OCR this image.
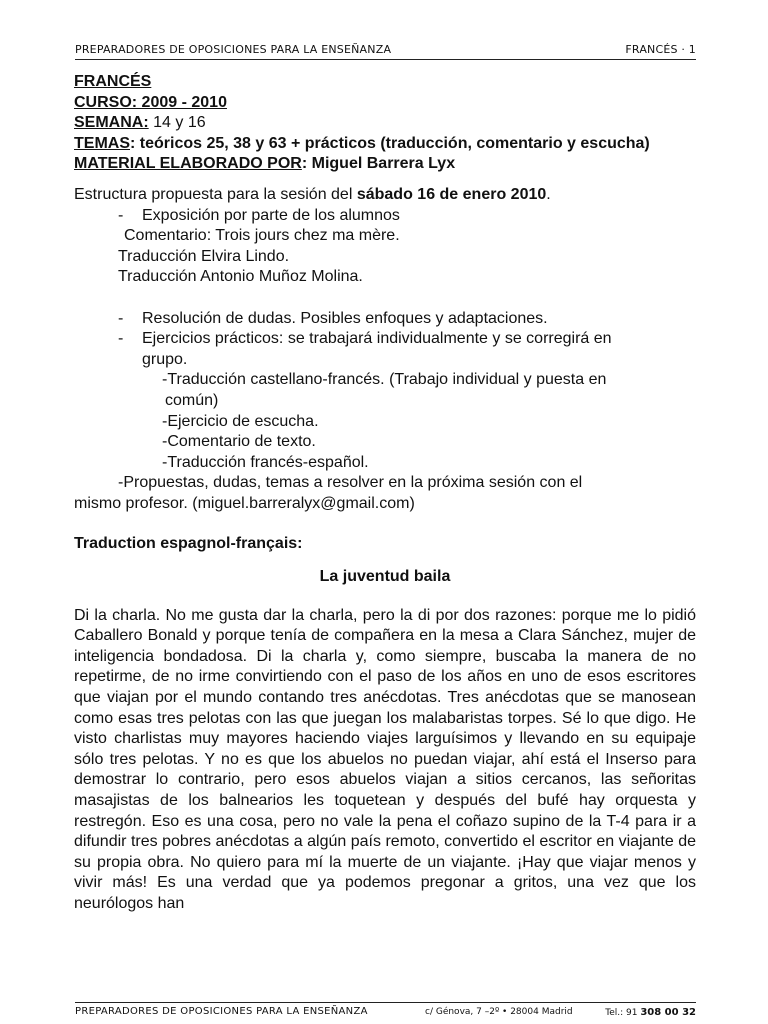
PREPARADORES DE OPOSICIONES PARA LA ENSEÑANZA	FRANCÉS · 1
FRANCÉS
CURSO: 2009 - 2010
SEMANA: 14 y 16
TEMAS: teóricos 25, 38 y 63 + prácticos (traducción, comentario y escucha)
MATERIAL ELABORADO POR: Miguel Barrera Lyx
Estructura propuesta para la sesión del sábado 16 de enero 2010.
- Exposición por parte de los alumnos
Comentario: Trois jours chez ma mère.
Traducción Elvira Lindo.
Traducción Antonio Muñoz Molina.
- Resolución de dudas. Posibles enfoques y adaptaciones.
- Ejercicios prácticos: se trabajará individualmente y se corregirá en
grupo.
-Traducción castellano-francés. (Trabajo individual y puesta en
común)
-Ejercicio de escucha.
-Comentario de texto.
-Traducción francés-español.
-Propuestas, dudas, temas a resolver en la próxima sesión con el
mismo profesor. (miguel.barreralyx@gmail.com)
Traduction espagnol-français:
La juventud baila

Di la charla. No me gusta dar la charla, pero la di por dos razones: porque me lo pidió Caballero Bonald y porque tenía de compañera en la mesa a Clara Sánchez, mujer de inteligencia bondadosa. Di la charla y, como siempre, buscaba la manera de no repetirme, de no irme convirtiendo con el paso de los años en uno de esos escritores que viajan por el mundo contando tres anécdotas. Tres anécdotas que se manosean como esas tres pelotas con las que juegan los malabaristas torpes. Sé lo que digo. He visto charlistas muy mayores haciendo viajes larguísimos y llevando en su equipaje sólo tres pelotas. Y no es que los abuelos no puedan viajar, ahí está el Inserso para demostrar lo contrario, pero esos abuelos viajan a sitios cercanos, las señoritas masajistas de los balnearios les toquetean y después del bufé hay orquesta y restregón. Eso es una cosa, pero no vale la pena el coñazo supino de la T-4 para ir a difundir tres pobres anécdotas a algún país remoto, convertido el escritor en viajante de su propia obra. No quiero para mí la muerte de un viajante. ¡Hay que viajar menos y vivir más! Es una verdad que ya podemos pregonar a gritos, una vez que los neurólogos han

PREPARADORES DE OPOSICIONES PARA LA ENSEÑANZA	c/ Génova, 7 –2º • 28004 Madrid	Tel.: 91 308 00 32
